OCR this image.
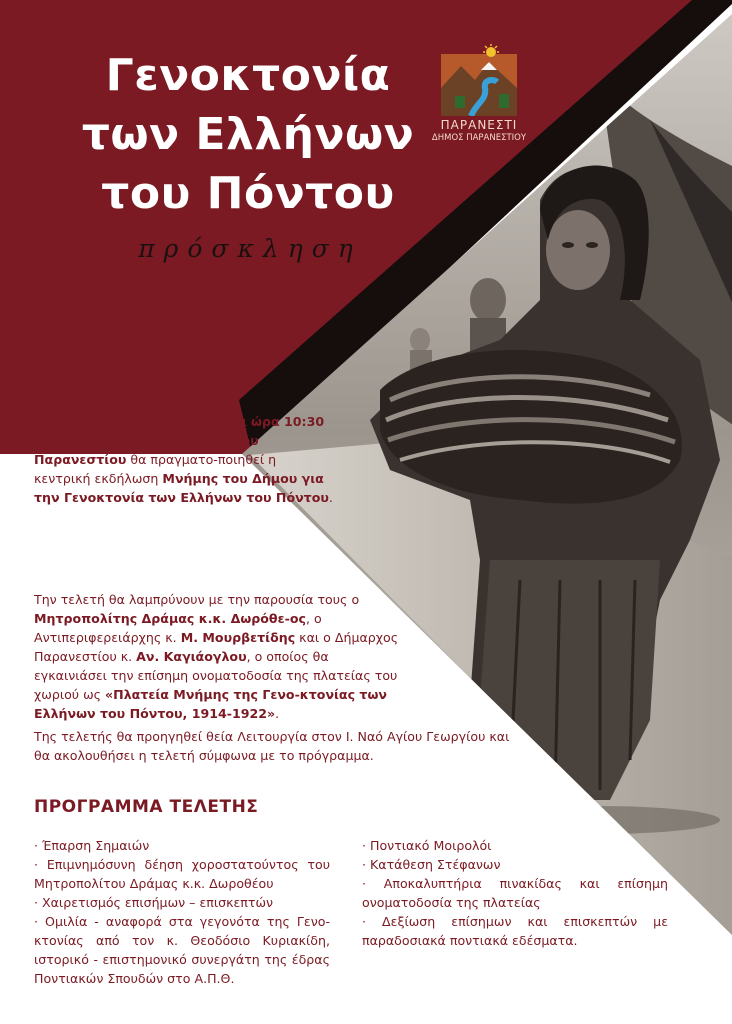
Γενοκτονία
των Ελλήνων
του Πόντου
πρόσκληση
ΠΑΡΑΝΕΣΤΙ
ΔΗΜΟΣ ΠΑΡΑΝΕΣΤΙΟΥ
Το Σάββατο 18 Μαΐου 2024 και ώρα 10:30 π.μ., στην Πρασινάδα του Δήμου Παρανεστίου θα πραγματο-ποιηθεί η κεντρική εκδήλωση Μνήμης του Δήμου για την Γενοκτονία των Ελλήνων του Πόντου.
Την τελετή θα λαμπρύνουν με την παρουσία τους ο Μητροπολίτης Δράμας κ.κ. Δωρόθε-ος, ο Αντιπεριφερειάρχης κ. Μ. Μουρβετίδης και ο Δήμαρχος Παρανεστίου κ. Αν. Καγιάογλου, ο οποίος θα εγκαινιάσει την επίσημη ονοματοδοσία της πλατείας του χωριού ως «Πλατεία Μνήμης της Γενο-κτονίας των Ελλήνων του Πόντου, 1914-1922».
Της τελετής θα προηγηθεί θεία Λειτουργία στον Ι. Ναό Αγίου Γεωργίου και θα ακολουθήσει η τελετή σύμφωνα με το πρόγραμμα.
ΠΡΟΓΡΑΜΜΑ ΤΕΛΕΤΗΣ
· Έπαρση Σημαιών
· Επιμνημόσυνη δέηση χοροστατούντος του Μητροπολίτου Δράμας κ.κ. Δωροθέου
· Χαιρετισμός επισήμων – επισκεπτών
· Ομιλία - αναφορά στα γεγονότα της Γενο-κτονίας από τον κ. Θεοδόσιο Κυριακίδη, ιστορικό - επιστημονικό συνεργάτη της έδρας Ποντιακών Σπουδών στο Α.Π.Θ.
· Ποντιακό Μοιρολόι
· Κατάθεση Στέφανων
· Αποκαλυπτήρια πινακίδας και επίσημη ονοματοδοσία της πλατείας
· Δεξίωση επίσημων και επισκεπτών με παραδοσιακά ποντιακά εδέσματα.
